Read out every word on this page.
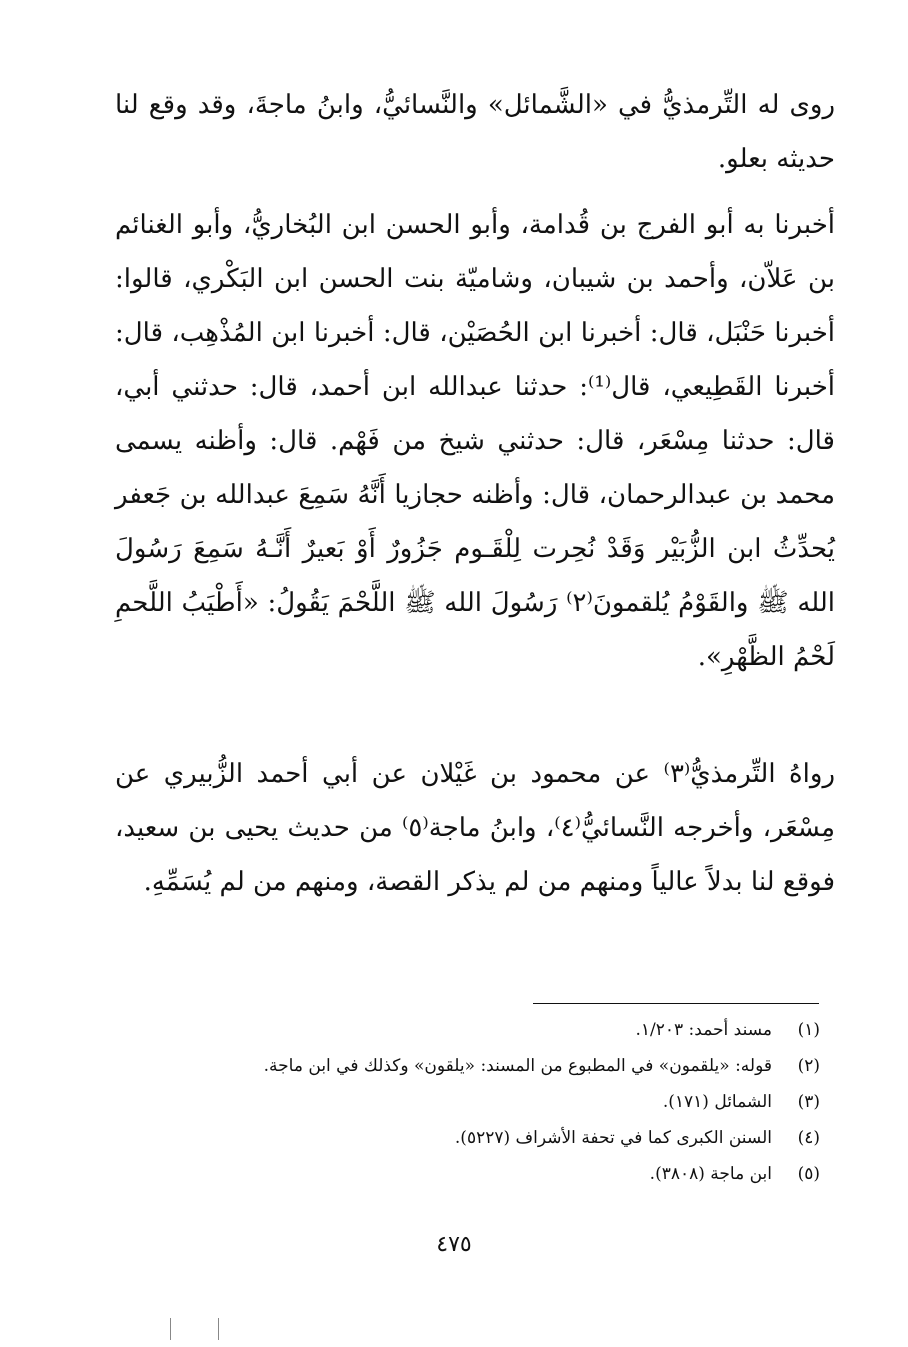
روى له التِّرمذيُّ في «الشَّمائل» والنَّسائيُّ، وابنُ ماجةَ، وقد وقع لنا حديثه بعلو.

أخبرنا به أبو الفرج بن قُدامة، وأبو الحسن ابن البُخاريُّ، وأبو الغنائم بن عَلاّن، وأحمد بن شيبان، وشاميّة بنت الحسن ابن البَكْري، قالوا: أخبرنا حَنْبَل، قال: أخبرنا ابن الحُصَيْن، قال: أخبرنا ابن المُذْهِب، قال: أخبرنا القَطِيعي، قال⁽¹⁾: حدثنا عبدالله ابن أحمد، قال: حدثني أبي، قال: حدثنا مِسْعَر، قال: حدثني شيخ من فَهْم. قال: وأظنه يسمى محمد بن عبدالرحمان، قال: وأظنه حجازيا أَنَّهُ سَمِعَ عبدالله بن جَعفر يُحدِّثُ ابن الزُّبَيْر وَقَدْ نُحِرت لِلْقَـوم جَزُورٌ أَوْ بَعيرٌ أَنَّـهُ سَمِعَ رَسُولَ الله ﷺ والقَوْمُ يُلقمونَ⁽٢⁾ رَسُولَ الله ﷺ اللَّحْمَ يَقُولُ: «أَطْيَبُ اللَّحمِ لَحْمُ الظَّهْرِ».

رواهُ التِّرمذيُّ⁽٣⁾ عن محمود بن غَيْلان عن أبي أحمد الزُّبيري عن مِسْعَر، وأخرجه النَّسائيُّ⁽٤⁾، وابنُ ماجة⁽٥⁾ من حديث يحيى بن سعيد، فوقع لنا بدلاً عالياً ومنهم من لم يذكر القصة، ومنهم من لم يُسَمِّهِ.

(١)مسند أحمد: ١/٢٠٣.
(٢)قوله: «يلقمون» في المطبوع من المسند: «يلقون» وكذلك في ابن ماجة.
(٣)الشمائل (١٧١).
(٤)السنن الكبرى كما في تحفة الأشراف (٥٢٢٧).
(٥)ابن ماجة (٣٨٠٨).
٤٧٥
